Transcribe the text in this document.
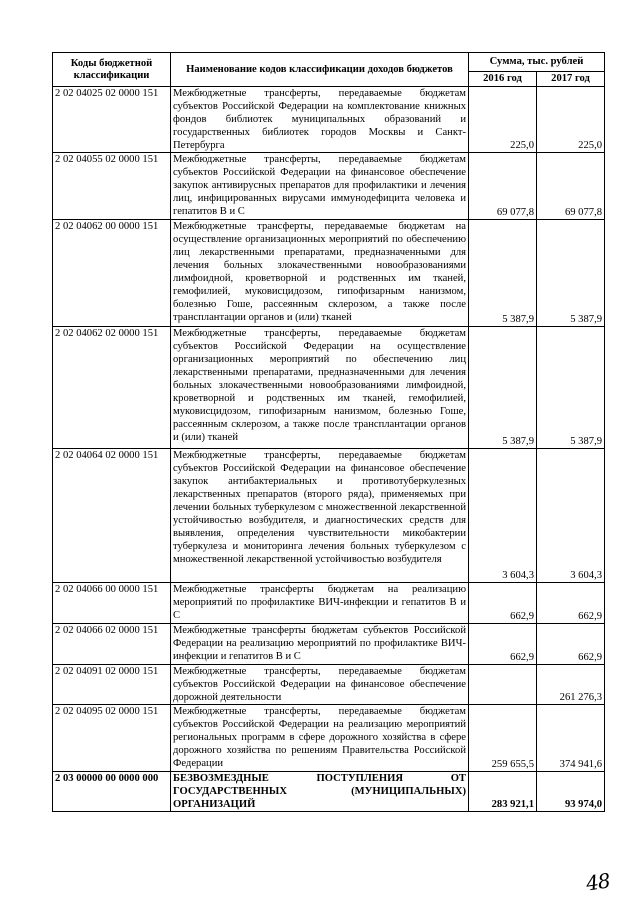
Коды бюджетной классификации	Наименование кодов классификации доходов бюджетов	Сумма, тыс. рублей	
		2016 год	2017 год
2 02 04025 02 0000 151	Межбюджетные трансферты, передаваемые бюджетам субъектов Российской Федерации на комплектование книжных фондов библиотек муниципальных образований и государственных библиотек городов Москвы и Санкт-Петербурга	225,0	225,0
2 02 04055 02 0000 151	Межбюджетные трансферты, передаваемые бюджетам субъектов Российской Федерации на финансовое обеспечение закупок антивирусных препаратов для профилактики и лечения лиц, инфицированных вирусами иммунодефицита человека и гепатитов В и С	69 077,8	69 077,8
2 02 04062 00 0000 151	Межбюджетные трансферты, передаваемые бюджетам на осуществление организационных мероприятий по обеспечению лиц лекарственными препаратами, предназначенными для лечения больных злокачественными новообразованиями лимфоидной, кроветворной и родственных им тканей, гемофилией, муковисцидозом, гипофизарным нанизмом, болезнью Гоше, рассеянным склерозом, а также после трансплантации органов и (или) тканей	5 387,9	5 387,9
2 02 04062 02 0000 151	Межбюджетные трансферты, передаваемые бюджетам субъектов Российской Федерации на осуществление организационных мероприятий по обеспечению лиц лекарственными препаратами, предназначенными для лечения больных злокачественными новообразованиями лимфоидной, кроветворной и родственных им тканей, гемофилией, муковисцидозом, гипофизарным нанизмом, болезнью Гоше, рассеянным склерозом, а также после трансплантации органов и (или) тканей	5 387,9	5 387,9
2 02 04064 02 0000 151	Межбюджетные трансферты, передаваемые бюджетам субъектов Российской Федерации на финансовое обеспечение закупок антибактериальных и противотуберкулезных лекарственных препаратов (второго ряда), применяемых при лечении больных туберкулезом с множественной лекарственной устойчивостью возбудителя, и диагностических средств для выявления, определения чувствительности микобактерии туберкулеза и мониторинга лечения больных туберкулезом с множественной лекарственной устойчивостью возбудителя	3 604,3	3 604,3
2 02 04066 00 0000 151	Межбюджетные трансферты бюджетам на реализацию мероприятий по профилактике ВИЧ-инфекции и гепатитов В и С	662,9	662,9
2 02 04066 02 0000 151	Межбюджетные трансферты бюджетам субъектов Российской Федерации на реализацию мероприятий по профилактике ВИЧ-инфекции и гепатитов В и С	662,9	662,9
2 02 04091 02 0000 151	Межбюджетные трансферты, передаваемые бюджетам субъектов Российской Федерации на финансовое обеспечение дорожной деятельности		261 276,3
2 02 04095 02 0000 151	Межбюджетные трансферты, передаваемые бюджетам субъектов Российской Федерации на реализацию мероприятий региональных программ в сфере дорожного хозяйства в сфере дорожного хозяйства по решениям Правительства Российской Федерации	259 655,5	374 941,6
2 03 00000 00 0000 000	БЕЗВОЗМЕЗДНЫЕ ПОСТУПЛЕНИЯ ОТ ГОСУДАРСТВЕННЫХ (МУНИЦИПАЛЬНЫХ) ОРГАНИЗАЦИЙ	283 921,1	93 974,0
48
